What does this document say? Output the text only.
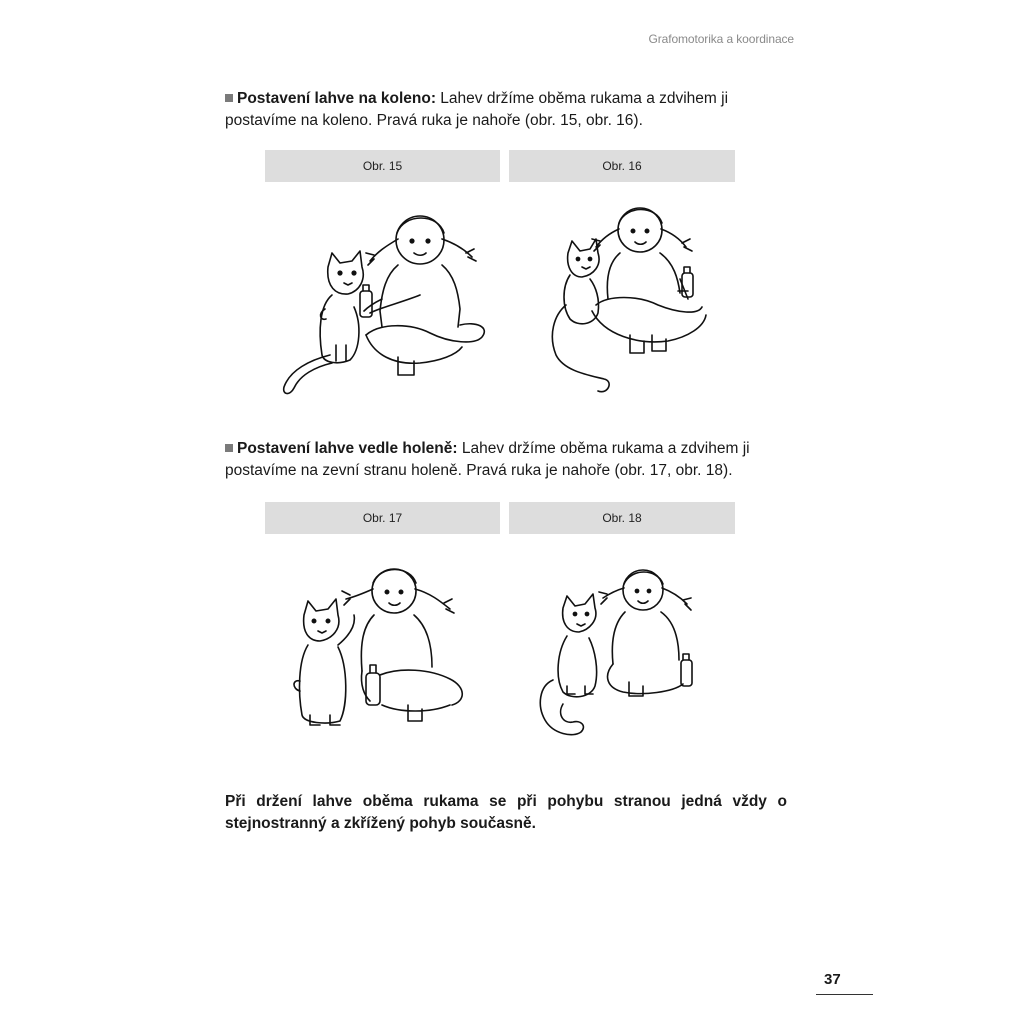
Grafomotorika a koordinace
Postavení lahve na koleno: Lahev držíme oběma rukama a zdvihem ji postavíme na koleno. Pravá ruka je nahoře (obr. 15, obr. 16).
Obr. 15	Obr. 16
Postavení lahve vedle holeně: Lahev držíme oběma rukama a zdvihem ji postavíme na zevní stranu holeně. Pravá ruka je nahoře (obr. 17, obr. 18).
Obr. 17	Obr. 18
Při držení lahve oběma rukama se při pohybu stranou jedná vždy o stejnostranný a zkřížený pohyb současně.
37
